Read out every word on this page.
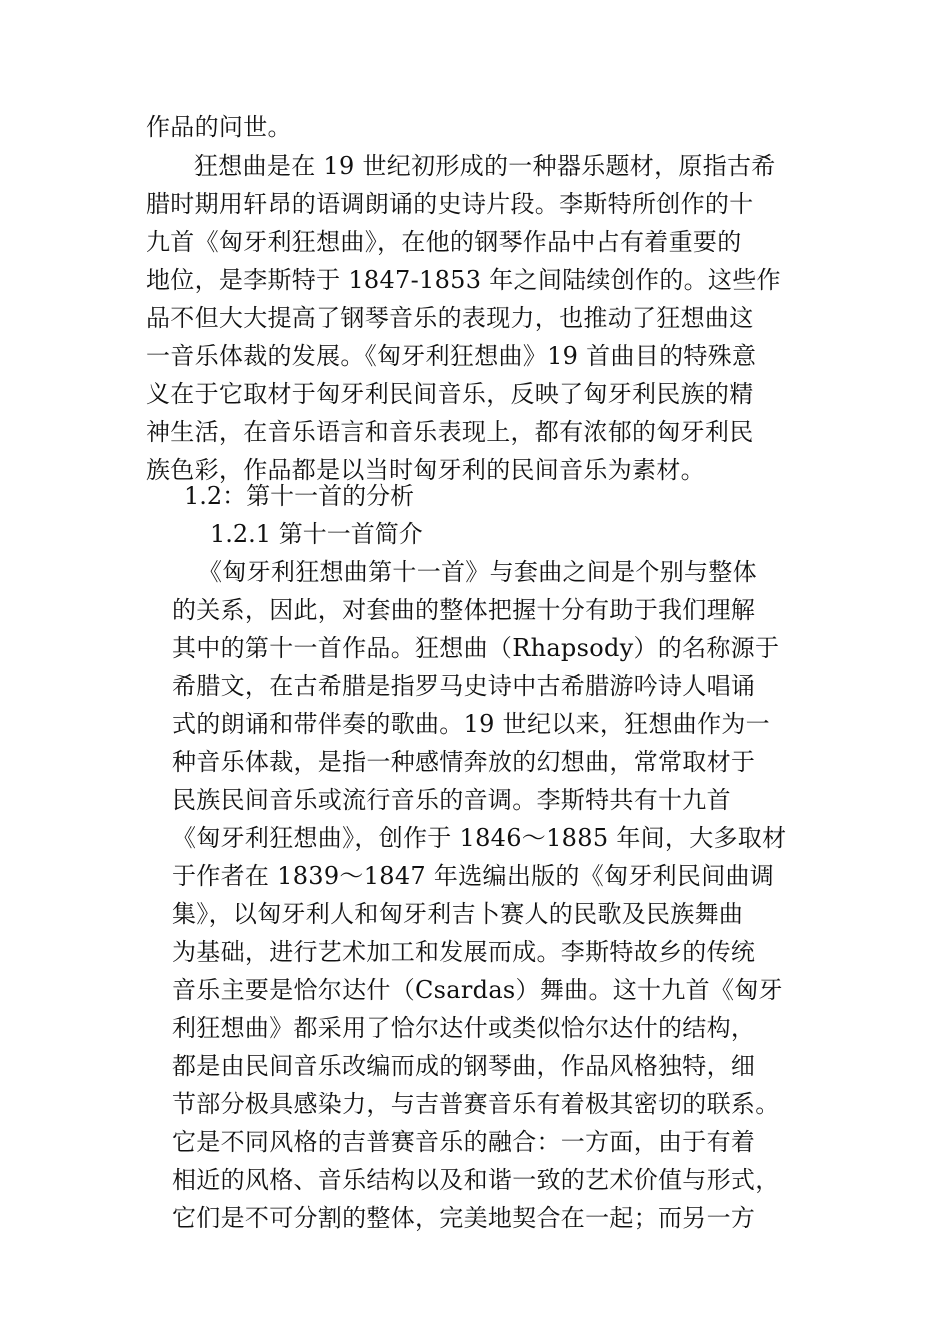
作品的问世。
狂想曲是在 19 世纪初形成的一种器乐题材，原指古希
腊时期用轩昂的语调朗诵的史诗片段。李斯特所创作的十
九首《匈牙利狂想曲》，在他的钢琴作品中占有着重要的
地位，是李斯特于 1847-1853 年之间陆续创作的。这些作
品不但大大提高了钢琴音乐的表现力，也推动了狂想曲这
一音乐体裁的发展。《匈牙利狂想曲》19 首曲目的特殊意
义在于它取材于匈牙利民间音乐，反映了匈牙利民族的精
神生活，在音乐语言和音乐表现上，都有浓郁的匈牙利民
族色彩，作品都是以当时匈牙利的民间音乐为素材。
1.2：第十一首的分析
1.2.1 第十一首简介
《匈牙利狂想曲第十一首》与套曲之间是个别与整体
的关系，因此，对套曲的整体把握十分有助于我们理解
其中的第十一首作品。狂想曲（Rhapsody）的名称源于
希腊文，在古希腊是指罗马史诗中古希腊游吟诗人唱诵
式的朗诵和带伴奏的歌曲。19 世纪以来，狂想曲作为一
种音乐体裁，是指一种感情奔放的幻想曲，常常取材于
民族民间音乐或流行音乐的音调。李斯特共有十九首
《匈牙利狂想曲》，创作于 1846～1885 年间，大多取材
于作者在 1839～1847 年选编出版的《匈牙利民间曲调
集》，以匈牙利人和匈牙利吉卜赛人的民歌及民族舞曲
为基础，进行艺术加工和发展而成。李斯特故乡的传统
音乐主要是恰尔达什（Csardas）舞曲。这十九首《匈牙
利狂想曲》都采用了恰尔达什或类似恰尔达什的结构，
都是由民间音乐改编而成的钢琴曲，作品风格独特，细
节部分极具感染力，与吉普赛音乐有着极其密切的联系。
它是不同风格的吉普赛音乐的融合：一方面，由于有着
相近的风格、音乐结构以及和谐一致的艺术价值与形式，
它们是不可分割的整体，完美地契合在一起；而另一方
